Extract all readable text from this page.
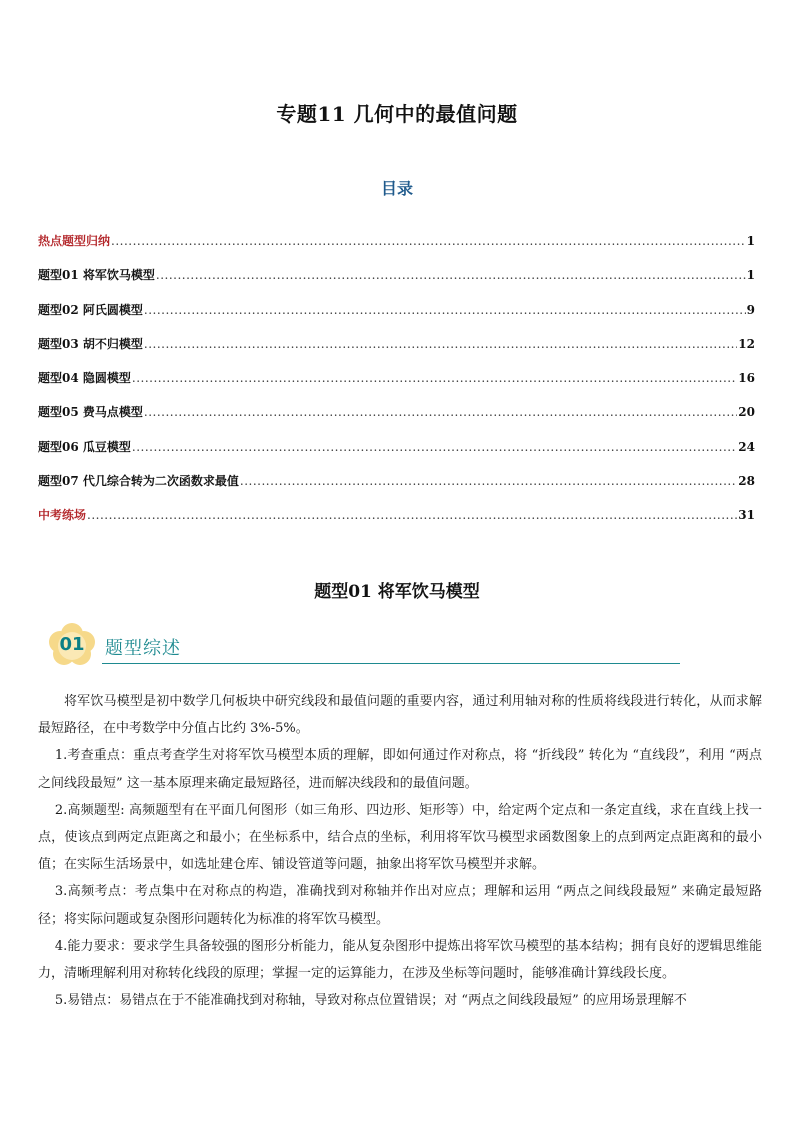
专题11 几何中的最值问题
目录
热点题型归纳 .....	1
题型01 将军饮马模型 .....	1
题型02 阿氏圆模型 .....	9
题型03 胡不归模型 .....	12
题型04 隐圆模型 .....	16
题型05 费马点模型 .....	20
题型06 瓜豆模型 .....	24
题型07 代几综合转为二次函数求最值 .....	28
中考练场 .....	31
题型01 将军饮马模型
01	题型综述

将军饮马模型是初中数学几何板块中研究线段和最值问题的重要内容，通过利用轴对称的性质将线段进行转化，从而求解最短路径，在中考数学中分值占比约 3%-5%。

1.考查重点：重点考查学生对将军饮马模型本质的理解，即如何通过作对称点，将 “折线段” 转化为 “直线段”，利用 “两点之间线段最短” 这一基本原理来确定最短路径，进而解决线段和的最值问题。

2.高频题型: 高频题型有在平面几何图形（如三角形、四边形、矩形等）中，给定两个定点和一条定直线，求在直线上找一点，使该点到两定点距离之和最小；在坐标系中，结合点的坐标，利用将军饮马模型求函数图象上的点到两定点距离和的最小值；在实际生活场景中，如选址建仓库、铺设管道等问题，抽象出将军饮马模型并求解。

3.高频考点：考点集中在对称点的构造，准确找到对称轴并作出对应点；理解和运用 “两点之间线段最短” 来确定最短路径；将实际问题或复杂图形问题转化为标准的将军饮马模型。

4.能力要求：要求学生具备较强的图形分析能力，能从复杂图形中提炼出将军饮马模型的基本结构；拥有良好的逻辑思维能力，清晰理解利用对称转化线段的原理；掌握一定的运算能力，在涉及坐标等问题时，能够准确计算线段长度。

5.易错点：易错点在于不能准确找到对称轴，导致对称点位置错误；对 “两点之间线段最短” 的应用场景理解不
